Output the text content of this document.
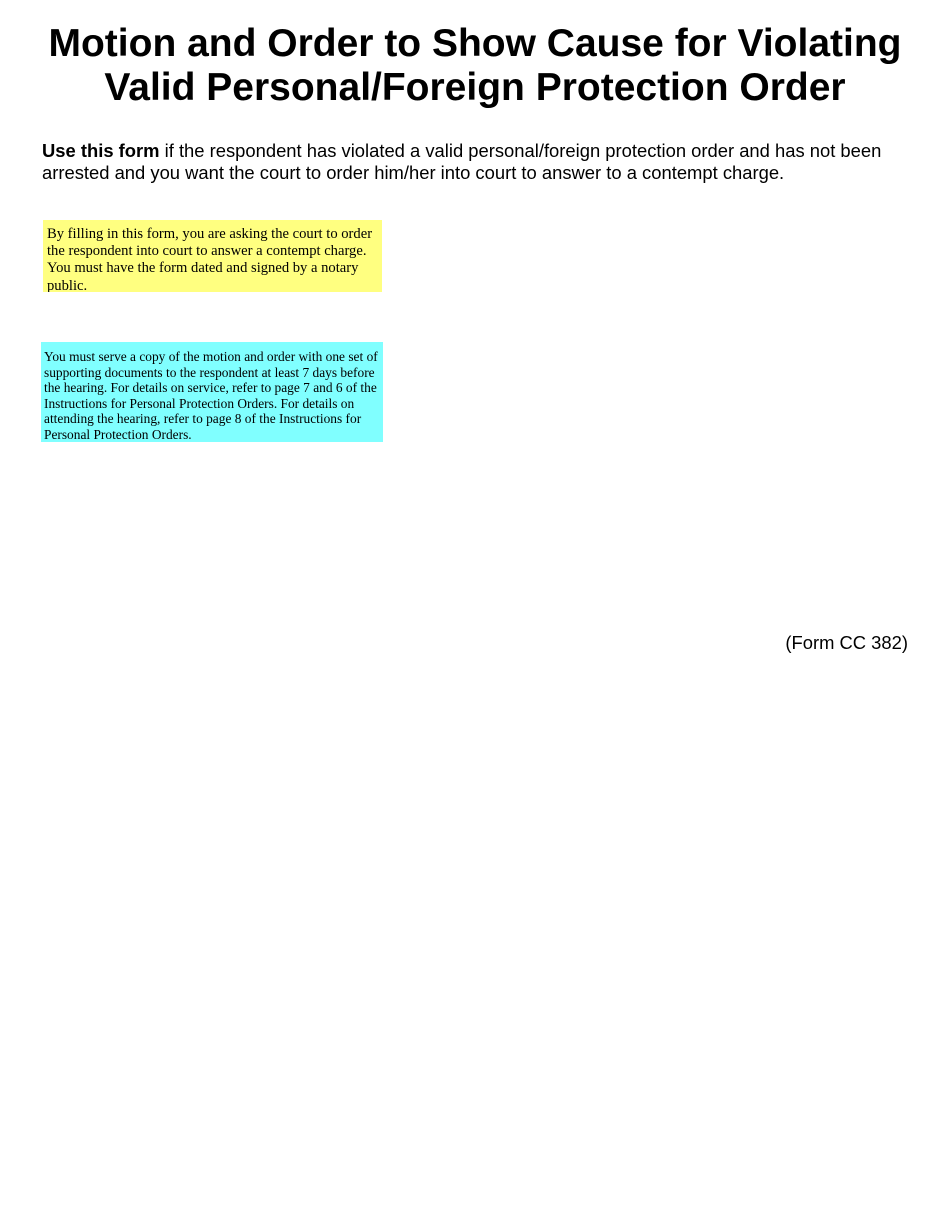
Motion and Order to Show Cause for Violating
Valid Personal/Foreign Protection Order

Use this form if the respondent has violated a valid personal/foreign protection order and has not been arrested and you want the court to order him/her into court to answer to a contempt charge.

By filling in this form, you are asking the court to order the respondent into court to answer a contempt charge. You must have the form dated and signed by a notary public.
You must serve a copy of the motion and order with one set of supporting documents to the respondent at least 7 days before the hearing. For details on service, refer to page 7 and 6 of the Instructions for Personal Protection Orders. For details on attending the hearing, refer to page 8 of the Instructions for Personal Protection Orders.
(Form CC 382)
